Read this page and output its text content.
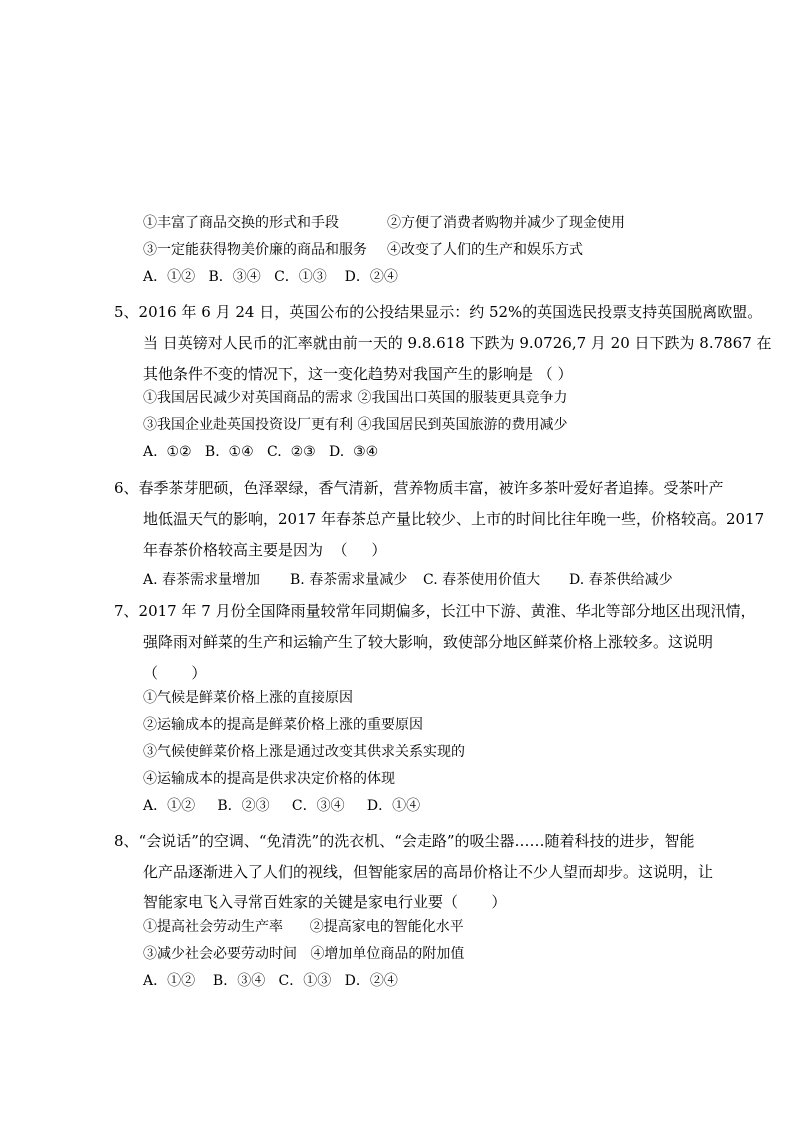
①丰富了商品交换的形式和手段	②方便了消费者购物并减少了现金使用
③一定能获得物美价廉的商品和服务 ④改变了人们的生产和娱乐方式
A．①②   B．③④   C．①③    D．②④
5、2016 年 6 月 24 日，英国公布的公投结果显示：约 52%的英国选民投票支持英国脱离欧盟。
当 日英镑对人民币的汇率就由前一天的 9.8.618 下跌为 9.0726,7 月 20 日下跌为 8.7867 在
其他条件不变的情况下，这一变化趋势对我国产生的影响是 （ ）
①我国居民减少对英国商品的需求 ②我国出口英国的服装更具竞争力
③我国企业赴英国投资设厂更有利 ④我国居民到英国旅游的费用减少
A.  ①②   B.  ①④   C.  ②③   D.  ③④
6、春季茶芽肥硕，色泽翠绿，香气清新，营养物质丰富，被许多茶叶爱好者追捧。受茶叶产
地低温天气的影响，2017 年春茶总产量比较少、上市的时间比往年晚一些，价格较高。2017
年春茶价格较高主要是因为  （     ）
A. 春茶需求量增加 B. 春茶需求量减少 C. 春茶使用价值大 D. 春茶供给减少
7、2017 年 7 月份全国降雨量较常年同期偏多，长江中下游、黄淮、华北等部分地区出现汛情，
强降雨对鲜菜的生产和运输产生了较大影响，致使部分地区鲜菜价格上涨较多。这说明
（       ）
①气候是鲜菜价格上涨的直接原因
②运输成本的提高是鲜菜价格上涨的重要原因
③气候使鲜菜价格上涨是通过改变其供求关系实现的
④运输成本的提高是供求决定价格的体现
A．①②     B．②③     C．③④     D．①④
8、“会说话”的空调、“免清洗”的洗衣机、“会走路”的吸尘器……随着科技的进步，智能
化产品逐渐进入了人们的视线，但智能家居的高昂价格让不少人望而却步。这说明，让
智能家电飞入寻常百姓家的关键是家电行业要（       ）
①提高社会劳动生产率      ②提高家电的智能化水平
③减少社会必要劳动时间   ④增加单位商品的附加值
A．①②    B．③④   C．①③   D．②④
